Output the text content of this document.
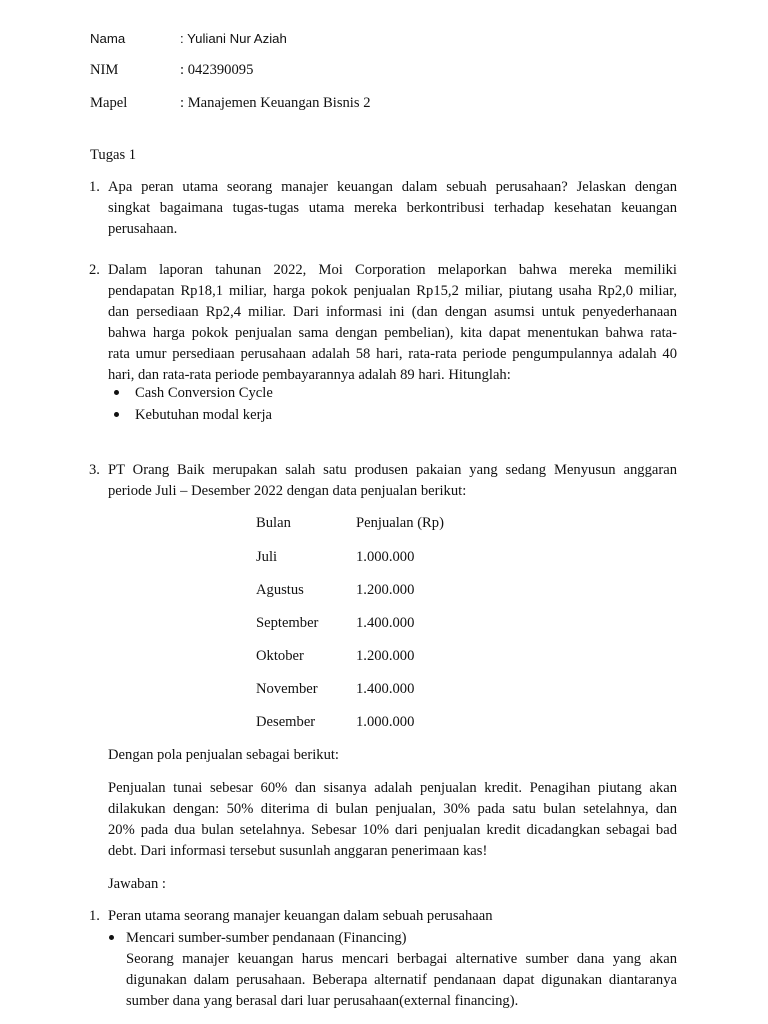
Nama	: Yuliani Nur Aziah
NIM	: 042390095
Mapel	: Manajemen Keuangan Bisnis 2
Tugas 1
1. Apa peran utama seorang manajer keuangan dalam sebuah perusahaan? Jelaskan dengan
singkat bagaimana tugas-tugas utama mereka berkontribusi terhadap kesehatan keuangan
perusahaan.
2. Dalam laporan tahunan 2022, Moi Corporation melaporkan bahwa mereka memiliki
pendapatan Rp18,1 miliar, harga pokok penjualan Rp15,2 miliar, piutang usaha Rp2,0 miliar,
dan persediaan Rp2,4 miliar. Dari informasi ini (dan dengan asumsi untuk penyederhanaan
bahwa harga pokok penjualan sama dengan pembelian), kita dapat menentukan bahwa rata-
rata umur persediaan perusahaan adalah 58 hari, rata-rata periode pengumpulannya adalah 40
hari, dan rata-rata periode pembayarannya adalah 89 hari. Hitunglah:
Cash Conversion Cycle
Kebutuhan modal kerja
3. PT Orang Baik merupakan salah satu produsen pakaian yang sedang Menyusun anggaran
periode Juli – Desember 2022 dengan data penjualan berikut:
Bulan	Penjualan (Rp)
Juli	1.000.000
Agustus	1.200.000
September	1.400.000
Oktober	1.200.000
November	1.400.000
Desember	1.000.000
Dengan pola penjualan sebagai berikut:
Penjualan tunai sebesar 60% dan sisanya adalah penjualan kredit. Penagihan piutang akan
dilakukan dengan: 50% diterima di bulan penjualan, 30% pada satu bulan setelahnya, dan
20% pada dua bulan setelahnya. Sebesar 10% dari penjualan kredit dicadangkan sebagai bad
debt. Dari informasi tersebut susunlah anggaran penerimaan kas!
Jawaban :
1. Peran utama seorang manajer keuangan dalam sebuah perusahaan
Mencari sumber-sumber pendanaan (Financing)
Seorang manajer keuangan harus mencari berbagai alternative sumber dana yang akan
digunakan dalam perusahaan. Beberapa alternatif pendanaan dapat digunakan diantaranya
sumber dana yang berasal dari luar perusahaan(external financing).
